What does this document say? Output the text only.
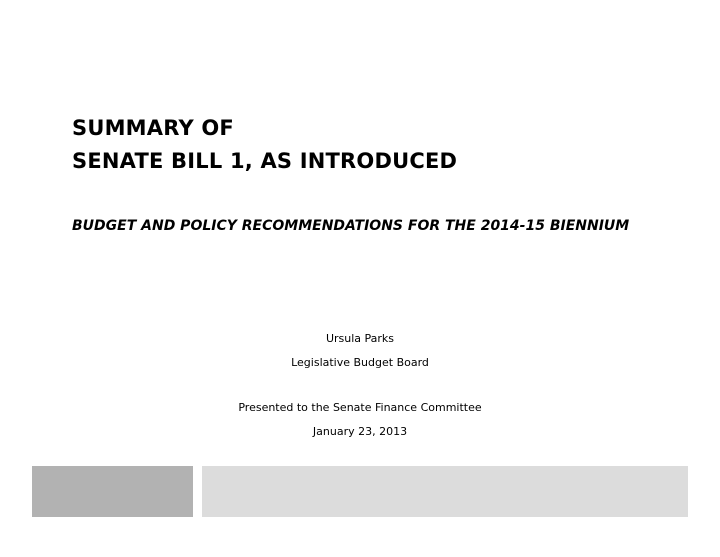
SUMMARY OF
SENATE BILL 1, AS INTRODUCED
BUDGET AND POLICY RECOMMENDATIONS FOR THE 2014-15 BIENNIUM
Ursula Parks
Legislative Budget Board
Presented to the Senate Finance Committee
January 23, 2013
